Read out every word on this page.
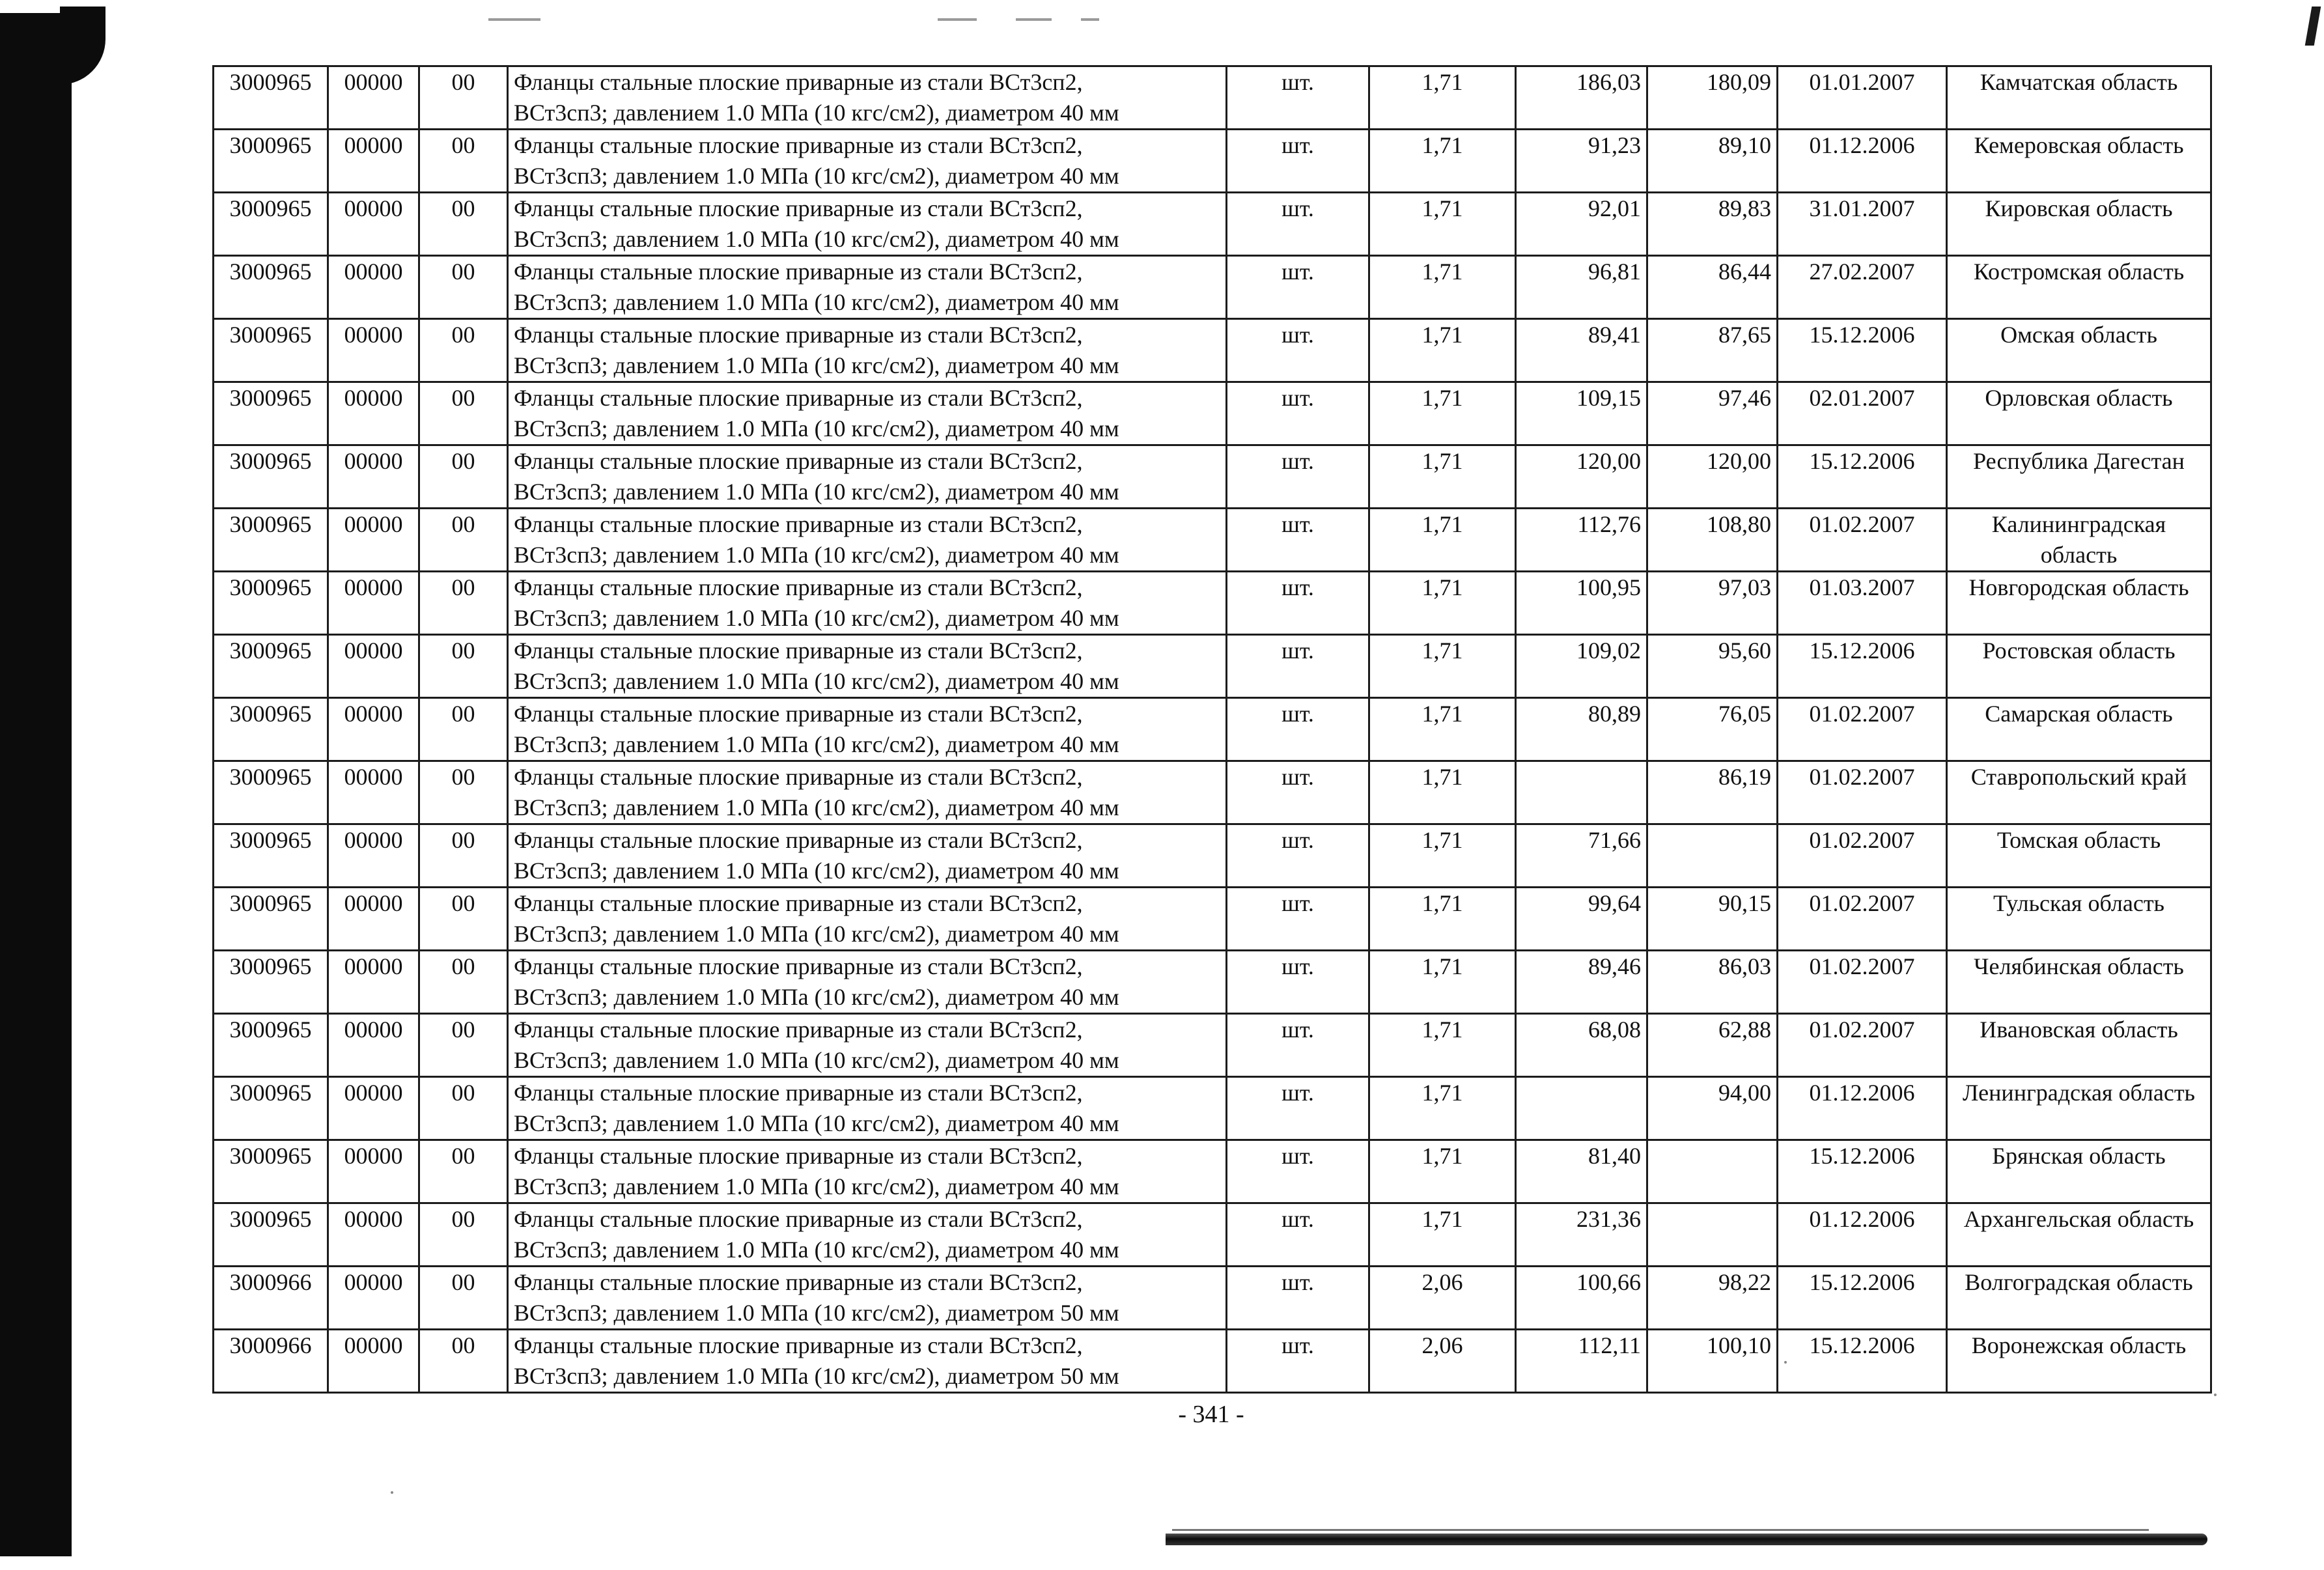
3000965	00000	00	Фланцы стальные плоские приварные из стали ВСт3сп2,
ВСт3сп3; давлением 1.0 МПа (10 кгс/см2), диаметром 40 мм	шт.	1,71	186,03	180,09	01.01.2007	Камчатская область
3000965	00000	00	Фланцы стальные плоские приварные из стали ВСт3сп2,
ВСт3сп3; давлением 1.0 МПа (10 кгс/см2), диаметром 40 мм	шт.	1,71	91,23	89,10	01.12.2006	Кемеровская область
3000965	00000	00	Фланцы стальные плоские приварные из стали ВСт3сп2,
ВСт3сп3; давлением 1.0 МПа (10 кгс/см2), диаметром 40 мм	шт.	1,71	92,01	89,83	31.01.2007	Кировская область
3000965	00000	00	Фланцы стальные плоские приварные из стали ВСт3сп2,
ВСт3сп3; давлением 1.0 МПа (10 кгс/см2), диаметром 40 мм	шт.	1,71	96,81	86,44	27.02.2007	Костромская область
3000965	00000	00	Фланцы стальные плоские приварные из стали ВСт3сп2,
ВСт3сп3; давлением 1.0 МПа (10 кгс/см2), диаметром 40 мм	шт.	1,71	89,41	87,65	15.12.2006	Омская область
3000965	00000	00	Фланцы стальные плоские приварные из стали ВСт3сп2,
ВСт3сп3; давлением 1.0 МПа (10 кгс/см2), диаметром 40 мм	шт.	1,71	109,15	97,46	02.01.2007	Орловская область
3000965	00000	00	Фланцы стальные плоские приварные из стали ВСт3сп2,
ВСт3сп3; давлением 1.0 МПа (10 кгс/см2), диаметром 40 мм	шт.	1,71	120,00	120,00	15.12.2006	Республика Дагестан
3000965	00000	00	Фланцы стальные плоские приварные из стали ВСт3сп2,
ВСт3сп3; давлением 1.0 МПа (10 кгс/см2), диаметром 40 мм	шт.	1,71	112,76	108,80	01.02.2007	Калининградская область
3000965	00000	00	Фланцы стальные плоские приварные из стали ВСт3сп2,
ВСт3сп3; давлением 1.0 МПа (10 кгс/см2), диаметром 40 мм	шт.	1,71	100,95	97,03	01.03.2007	Новгородская область
3000965	00000	00	Фланцы стальные плоские приварные из стали ВСт3сп2,
ВСт3сп3; давлением 1.0 МПа (10 кгс/см2), диаметром 40 мм	шт.	1,71	109,02	95,60	15.12.2006	Ростовская область
3000965	00000	00	Фланцы стальные плоские приварные из стали ВСт3сп2,
ВСт3сп3; давлением 1.0 МПа (10 кгс/см2), диаметром 40 мм	шт.	1,71	80,89	76,05	01.02.2007	Самарская область
3000965	00000	00	Фланцы стальные плоские приварные из стали ВСт3сп2,
ВСт3сп3; давлением 1.0 МПа (10 кгс/см2), диаметром 40 мм	шт.	1,71		86,19	01.02.2007	Ставропольский край
3000965	00000	00	Фланцы стальные плоские приварные из стали ВСт3сп2,
ВСт3сп3; давлением 1.0 МПа (10 кгс/см2), диаметром 40 мм	шт.	1,71	71,66		01.02.2007	Томская область
3000965	00000	00	Фланцы стальные плоские приварные из стали ВСт3сп2,
ВСт3сп3; давлением 1.0 МПа (10 кгс/см2), диаметром 40 мм	шт.	1,71	99,64	90,15	01.02.2007	Тульская область
3000965	00000	00	Фланцы стальные плоские приварные из стали ВСт3сп2,
ВСт3сп3; давлением 1.0 МПа (10 кгс/см2), диаметром 40 мм	шт.	1,71	89,46	86,03	01.02.2007	Челябинская область
3000965	00000	00	Фланцы стальные плоские приварные из стали ВСт3сп2,
ВСт3сп3; давлением 1.0 МПа (10 кгс/см2), диаметром 40 мм	шт.	1,71	68,08	62,88	01.02.2007	Ивановская область
3000965	00000	00	Фланцы стальные плоские приварные из стали ВСт3сп2,
ВСт3сп3; давлением 1.0 МПа (10 кгс/см2), диаметром 40 мм	шт.	1,71		94,00	01.12.2006	Ленинградская область
3000965	00000	00	Фланцы стальные плоские приварные из стали ВСт3сп2,
ВСт3сп3; давлением 1.0 МПа (10 кгс/см2), диаметром 40 мм	шт.	1,71	81,40		15.12.2006	Брянская область
3000965	00000	00	Фланцы стальные плоские приварные из стали ВСт3сп2,
ВСт3сп3; давлением 1.0 МПа (10 кгс/см2), диаметром 40 мм	шт.	1,71	231,36		01.12.2006	Архангельская область
3000966	00000	00	Фланцы стальные плоские приварные из стали ВСт3сп2,
ВСт3сп3; давлением 1.0 МПа (10 кгс/см2), диаметром 50 мм	шт.	2,06	100,66	98,22	15.12.2006	Волгоградская область
3000966	00000	00	Фланцы стальные плоские приварные из стали ВСт3сп2,
ВСт3сп3; давлением 1.0 МПа (10 кгс/см2), диаметром 50 мм	шт.	2,06	112,11	100,10	15.12.2006	Воронежская область
- 341 -
